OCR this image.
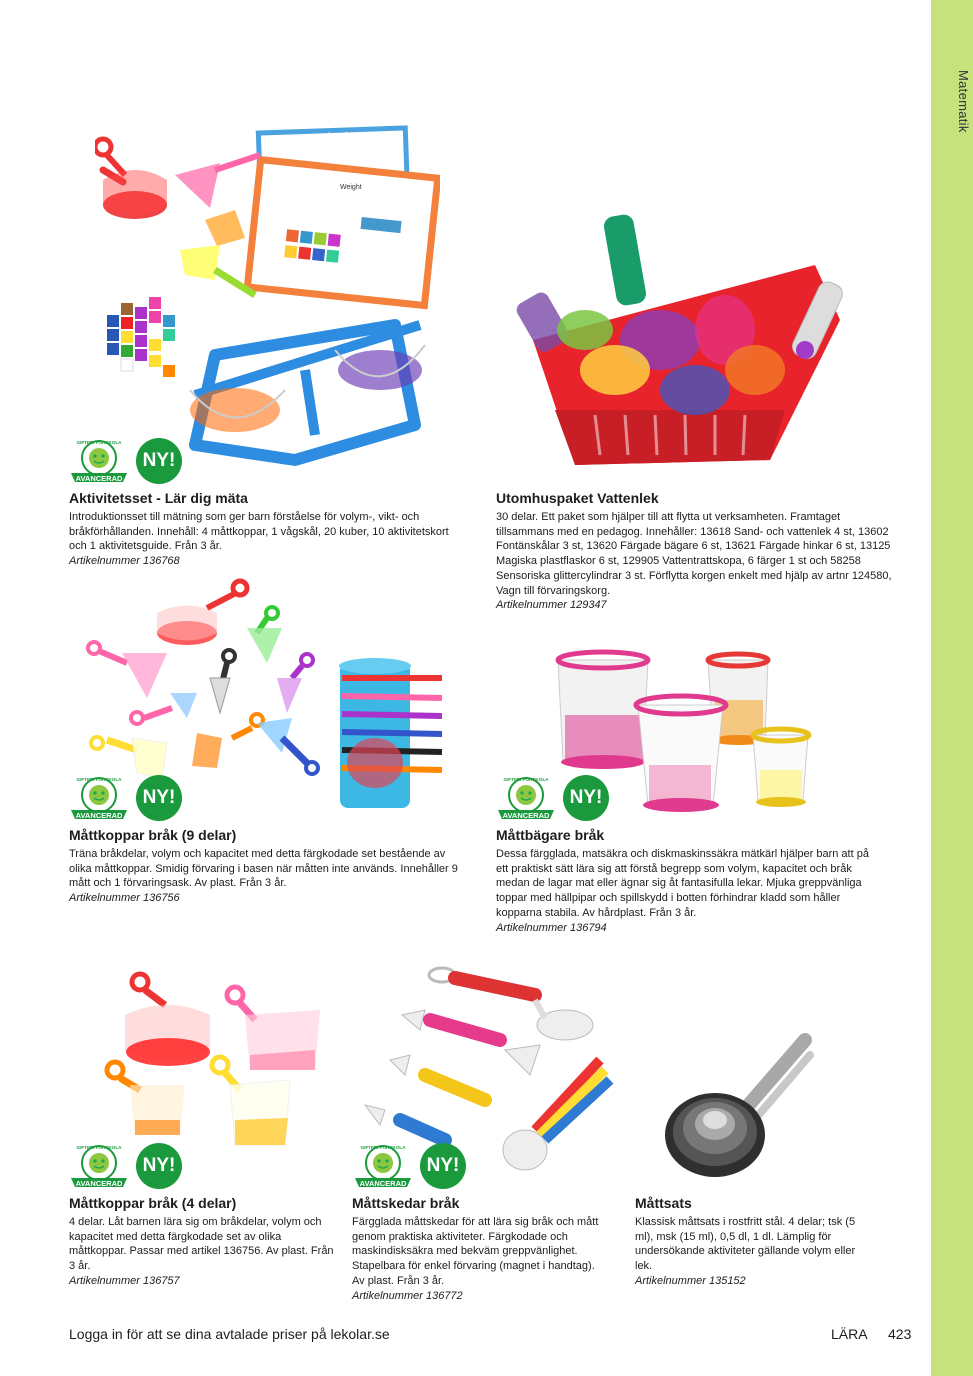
Matematik
Length
Weight
GIFTFRI FÖRSKOLA
AVANCERAD
NY!

Aktivitetsset - Lär dig mäta

Introduktionsset till mätning som ger barn förståelse för volym-, vikt- och bråkförhållanden. Innehåll: 4 måttkoppar, 1 vågskål, 20 kuber, 10 aktivitetskort och 1 aktivitetsguide. Från 3 år.

Artikelnummer 136768

Utomhuspaket Vattenlek

30 delar. Ett paket som hjälper till att flytta ut verksamheten. Framtaget tillsammans med en pedagog. Innehåller: 13618 Sand- och vattenlek 4 st, 13602 Fontänskålar 3 st, 13620 Färgade bägare 6 st, 13621 Färgade hinkar 6 st, 13125 Magiska plastflaskor 6 st, 129905 Vattentrattskopa, 6 färger 1 st och 58258 Sensoriska glittercylindrar 3 st. Förflytta korgen enkelt med hjälp av artnr 124580, Vagn till förvaringskorg.

Artikelnummer 129347

GIFTFRI FÖRSKOLA
AVANCERAD
NY!

Måttkoppar bråk (9 delar)

Träna bråkdelar, volym och kapacitet med detta färgkodade set bestående av olika måttkoppar. Smidig förvaring i basen när måtten inte används. Innehåller 9 mått och 1 förvaringsask. Av plast. Från 3 år.

Artikelnummer 136756

GIFTFRI FÖRSKOLA
AVANCERAD
NY!

Måttbägare bråk

Dessa färgglada, matsäkra och diskmaskinssäkra mätkärl hjälper barn att på ett praktiskt sätt lära sig att förstå begrepp som volym, kapacitet och bråk medan de lagar mat eller ägnar sig åt fantasifulla lekar. Mjuka greppvänliga toppar med hällpipar och spillskydd i botten förhindrar kladd som håller kopparna stabila. Av hårdplast. Från 3 år.

Artikelnummer 136794

GIFTFRI FÖRSKOLA
AVANCERAD
NY!

Måttkoppar bråk (4 delar)

4 delar. Låt barnen lära sig om bråkdelar, volym och kapacitet med detta färgkodade set av olika måttkoppar. Passar med artikel 136756. Av plast. Från 3 år.

Artikelnummer 136757

GIFTFRI FÖRSKOLA
AVANCERAD
NY!

Måttskedar bråk

Färgglada måttskedar för att lära sig bråk och mått genom praktiska aktiviteter. Färgkodade och maskindisksäkra med bekväm greppvänlighet. Stapelbara för enkel förvaring (magnet i handtag). Av plast. Från 3 år.

Artikelnummer 136772

Måttsats

Klassisk måttsats i rostfritt stål. 4 delar; tsk (5 ml), msk (15 ml), 0,5 dl, 1 dl. Lämplig för undersökande aktiviteter gällande volym eller lek.

Artikelnummer 135152

Logga in för att se dina avtalade priser på lekolar.se	LÄRA 423
